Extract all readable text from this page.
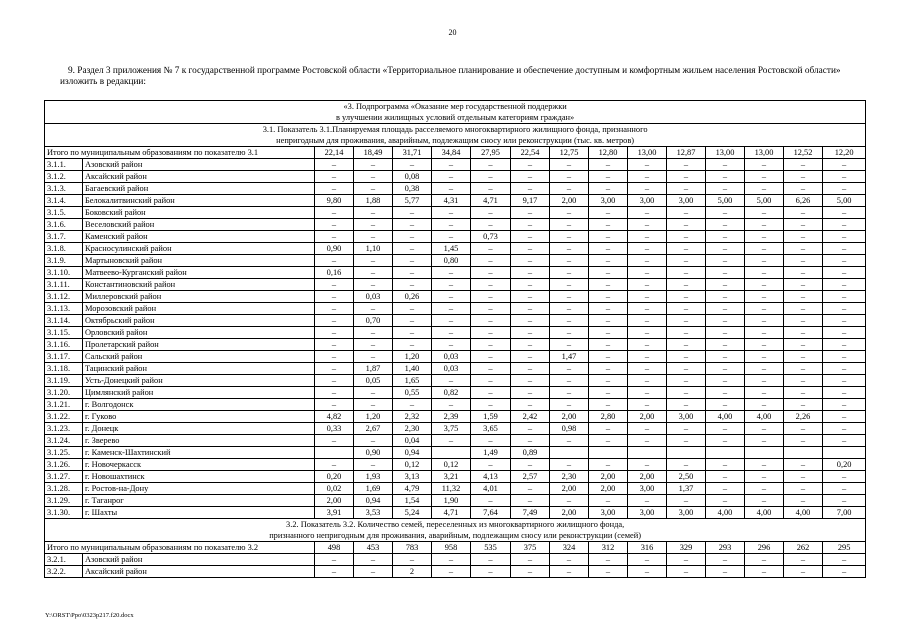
20
9. Раздел 3 приложения № 7 к государственной программе Ростовской области «Территориальное планирование и обеспечение доступным и комфортным жильем населения Ростовской области» изложить в редакции:
«3. Подпрограмма «Оказание мер государственной поддержки
в улучшении жилищных условий отдельным категориям граждан»															

3.1. Показатель 3.1.Планируемая площадь расселяемого многоквартирного жилищного фонда, признанного
непригодным для проживания, аварийным, подлежащим сносу или реконструкции (тыс. кв. метров)															

Итого по муниципальным образованиям по показателю 3.1		22,14	18,49	31,71	34,84	27,95	22,54	12,75	12,80	13,00	12,87	13,00	13,00	12,52	12,20
3.1.1.	Азовский район	–	–	–	–	–	–	–	–	–	–	–	–	–	–
3.1.2.	Аксайский район	–	–	0,08	–	–	–	–	–	–	–	–	–	–	–
3.1.3.	Багаевский район	–	–	0,38	–	–	–	–	–	–	–	–	–	–	–
3.1.4.	Белокалитвинский район	9,80	1,88	5,77	4,31	4,71	9,17	2,00	3,00	3,00	3,00	5,00	5,00	6,26	5,00
3.1.5.	Боковский район	–	–	–	–	–	–	–	–	–	–	–	–	–	–
3.1.6.	Веселовский район	–	–	–	–	–	–	–	–	–	–	–	–	–	–
3.1.7.	Каменский район	–	–	–	–	0,73	–	–	–	–	–	–	–	–	–
3.1.8.	Красносулинский район	0,90	1,10	–	1,45	–	–	–	–	–	–	–	–	–	–
3.1.9.	Мартыновский район	–	–	–	0,80	–	–	–	–	–	–	–	–	–	–
3.1.10.	Матвеево-Курганский район	0,16	–	–	–	–	–	–	–	–	–	–	–	–	–
3.1.11.	Константиновский район	–	–	–	–	–	–	–	–	–	–	–	–	–	–
3.1.12.	Миллеровский район	–	0,03	0,26	–	–	–	–	–	–	–	–	–	–	–
3.1.13.	Морозовский район	–	–	–	–	–	–	–	–	–	–	–	–	–	–
3.1.14.	Октябрьский район	–	0,70	–	–	–	–	–	–	–	–	–	–	–	–
3.1.15.	Орловский район	–	–	–	–	–	–	–	–	–	–	–	–	–	–
3.1.16.	Пролетарский район	–	–	–	–	–	–	–	–	–	–	–	–	–	–
3.1.17.	Сальский район	–	–	1,20	0,03	–	–	1,47	–	–	–	–	–	–	–
3.1.18.	Тацинский район	–	1,87	1,40	0,03	–	–	–	–	–	–	–	–	–	–
3.1.19.	Усть-Донецкий район	–	0,05	1,65	–	–	–	–	–	–	–	–	–	–	–
3.1.20.	Цимлянский район	–	–	0,55	0,82	–	–	–	–	–	–	–	–	–	–
3.1.21.	г. Волгодонск	–	–	–	–	–	–	–	–	–	–	–	–	–	–
3.1.22.	г. Гуково	4,82	1,20	2,32	2,39	1,59	2,42	2,00	2,80	2,00	3,00	4,00	4,00	2,26	–
3.1.23.	г. Донецк	0,33	2,67	2,30	3,75	3,65	–	0,98	–	–	–	–	–	–	–
3.1.24.	г. Зверево	–	–	0,04	–	–	–	–	–	–	–	–	–	–	–
3.1.25.	г. Каменск-Шахтинский		0,90	0,94		1,49	0,89								
3.1.26.	г. Новочеркасск	–	–	0,12	0,12	–	–	–	–	–	–	–	–	–	0,20
3.1.27.	г. Новошахтинск	0,20	1,93	3,13	3,21	4,13	2,57	2,30	2,00	2,00	2,50	–	–	–	–
3.1.28.	г. Ростов-на-Дону	0,02	1,69	4,79	11,32	4,01	–	2,00	2,00	3,00	1,37	–	–	–	–
3.1.29.	г. Таганрог	2,00	0,94	1,54	1,90	–	–	–	–	–	–	–	–	–	–
3.1.30.	г. Шахты	3,91	3,53	5,24	4,71	7,64	7,49	2,00	3,00	3,00	3,00	4,00	4,00	4,00	7,00

3.2. Показатель 3.2. Количество семей, переселенных из многоквартирного жилищного фонда,
признанного непригодным для проживания, аварийным, подлежащим сносу или реконструкции (семей)															

Итого по муниципальным образованиям по показателю 3.2		498	453	783	958	535	375	324	312	316	329	293	296	262	295
3.2.1.	Азовский район	–	–	–	–	–	–	–	–	–	–	–	–	–	–
3.2.2.	Аксайский район	–	–	2	–	–	–	–	–	–	–	–	–	–	–
Y:\ORST\Ppo\0323p217.f20.docx
